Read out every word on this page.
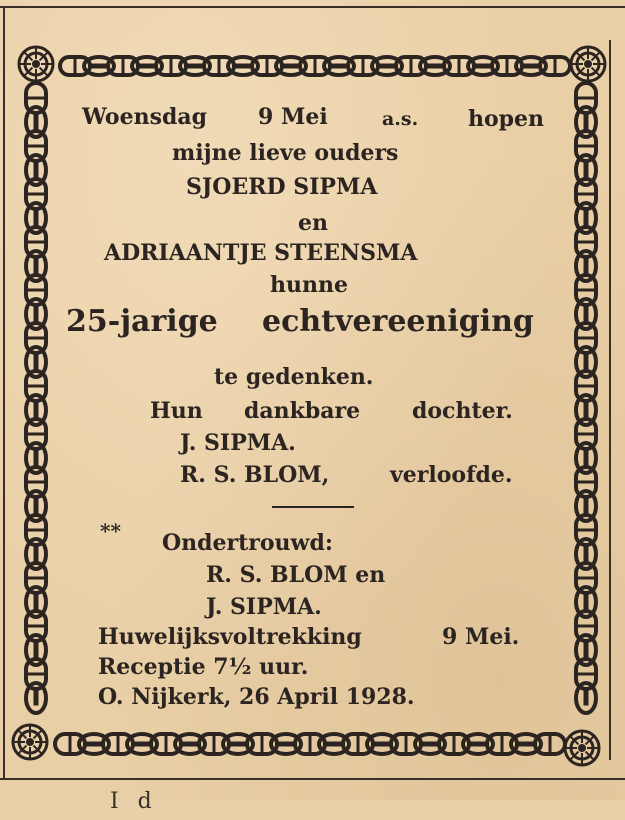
Woensdag 9 Mei	a.s. hopen
mijne lieve ouders
SJOERD SIPMA
en
ADRIAANTJE STEENSMA
hunne
25-jarige echtvereeniging
te gedenken.
Hun dankbare dochter.
J. SIPMA.
R. S. BLOM,	verloofde.
** Ondertrouwd:
R. S. BLOM en
J. SIPMA.
Huwelijksvoltrekking	9 Mei.
Receptie 7½ uur.
O. Nijkerk, 26 April 1928.
I d
